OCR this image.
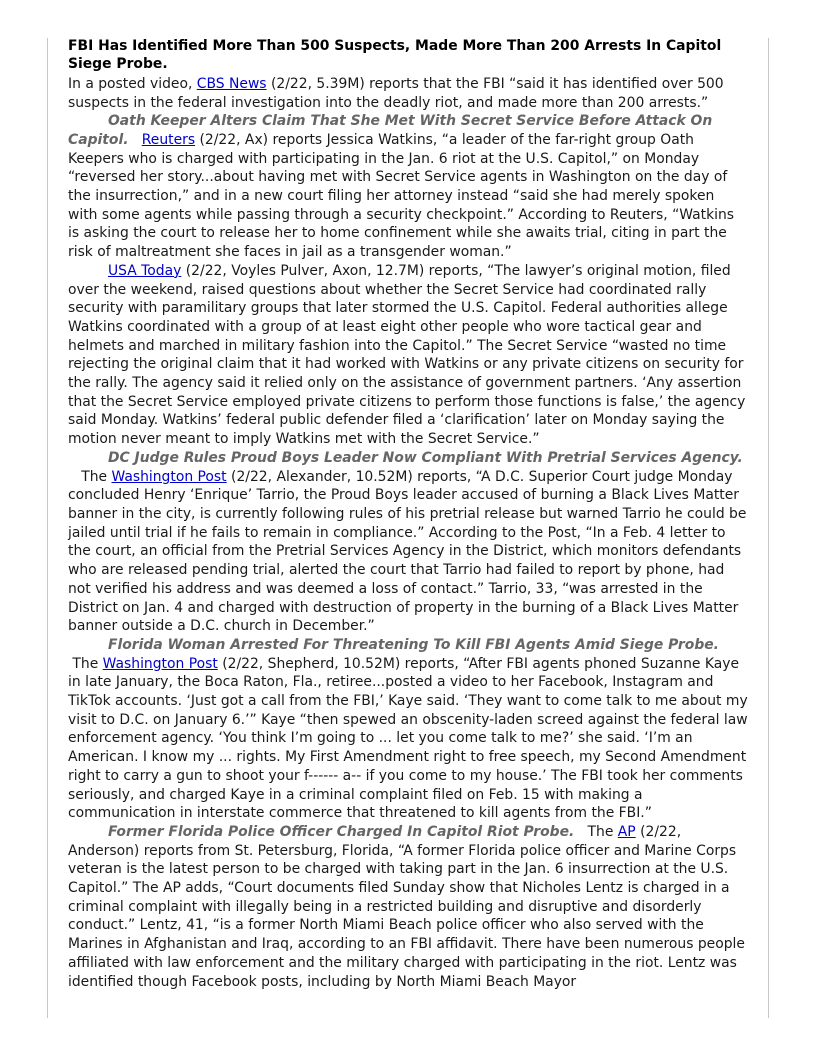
FBI Has Identified More Than 500 Suspects, Made More Than 200 Arrests In Capitol Siege Probe.

In a posted video, CBS News (2/22, 5.39M) reports that the FBI “said it has identified over 500 suspects in the federal investigation into the deadly riot, and made more than 200 arrests.”

Oath Keeper Alters Claim That She Met With Secret Service Before Attack On Capitol. Reuters (2/22, Ax) reports Jessica Watkins, “a leader of the far-right group Oath Keepers who is charged with participating in the Jan. 6 riot at the U.S. Capitol,” on Monday “reversed her story...about having met with Secret Service agents in Washington on the day of the insurrection,” and in a new court filing her attorney instead “said she had merely spoken with some agents while passing through a security checkpoint.” According to Reuters, “Watkins is asking the court to release her to home confinement while she awaits trial, citing in part the risk of maltreatment she faces in jail as a transgender woman.”

USA Today (2/22, Voyles Pulver, Axon, 12.7M) reports, “The lawyer’s original motion, filed over the weekend, raised questions about whether the Secret Service had coordinated rally security with paramilitary groups that later stormed the U.S. Capitol. Federal authorities allege Watkins coordinated with a group of at least eight other people who wore tactical gear and helmets and marched in military fashion into the Capitol.” The Secret Service “wasted no time rejecting the original claim that it had worked with Watkins or any private citizens on security for the rally. The agency said it relied only on the assistance of government partners. ‘Any assertion that the Secret Service employed private citizens to perform those functions is false,’ the agency said Monday. Watkins’ federal public defender filed a ‘clarification’ later on Monday saying the motion never meant to imply Watkins met with the Secret Service.”

DC Judge Rules Proud Boys Leader Now Compliant With Pretrial Services Agency.   The Washington Post (2/22, Alexander, 10.52M) reports, “A D.C. Superior Court judge Monday concluded Henry ‘Enrique’ Tarrio, the Proud Boys leader accused of burning a Black Lives Matter banner in the city, is currently following rules of his pretrial release but warned Tarrio he could be jailed until trial if he fails to remain in compliance.” According to the Post, “In a Feb. 4 letter to the court, an official from the Pretrial Services Agency in the District, which monitors defendants who are released pending trial, alerted the court that Tarrio had failed to report by phone, had not verified his address and was deemed a loss of contact.” Tarrio, 33, “was arrested in the District on Jan. 4 and charged with destruction of property in the burning of a Black Lives Matter banner outside a D.C. church in December.”

Florida Woman Arrested For Threatening To Kill FBI Agents Amid Siege Probe. The Washington Post (2/22, Shepherd, 10.52M) reports, “After FBI agents phoned Suzanne Kaye in late January, the Boca Raton, Fla., retiree...posted a video to her Facebook, Instagram and TikTok accounts. ‘Just got a call from the FBI,’ Kaye said. ‘They want to come talk to me about my visit to D.C. on January 6.’” Kaye “then spewed an obscenity-laden screed against the federal law enforcement agency. ‘You think I’m going to ... let you come talk to me?’ she said. ‘I’m an American. I know my ... rights. My First Amendment right to free speech, my Second Amendment right to carry a gun to shoot your f------ a-- if you come to my house.’ The FBI took her comments seriously, and charged Kaye in a criminal complaint filed on Feb. 15 with making a communication in interstate commerce that threatened to kill agents from the FBI.”

Former Florida Police Officer Charged In Capitol Riot Probe.   The AP (2/22, Anderson) reports from St. Petersburg, Florida, “A former Florida police officer and Marine Corps veteran is the latest person to be charged with taking part in the Jan. 6 insurrection at the U.S. Capitol.” The AP adds, “Court documents filed Sunday show that Nicholes Lentz is charged in a criminal complaint with illegally being in a restricted building and disruptive and disorderly conduct.” Lentz, 41, “is a former North Miami Beach police officer who also served with the Marines in Afghanistan and Iraq, according to an FBI affidavit. There have been numerous people affiliated with law enforcement and the military charged with participating in the riot. Lentz was identified though Facebook posts, including by North Miami Beach Mayor
